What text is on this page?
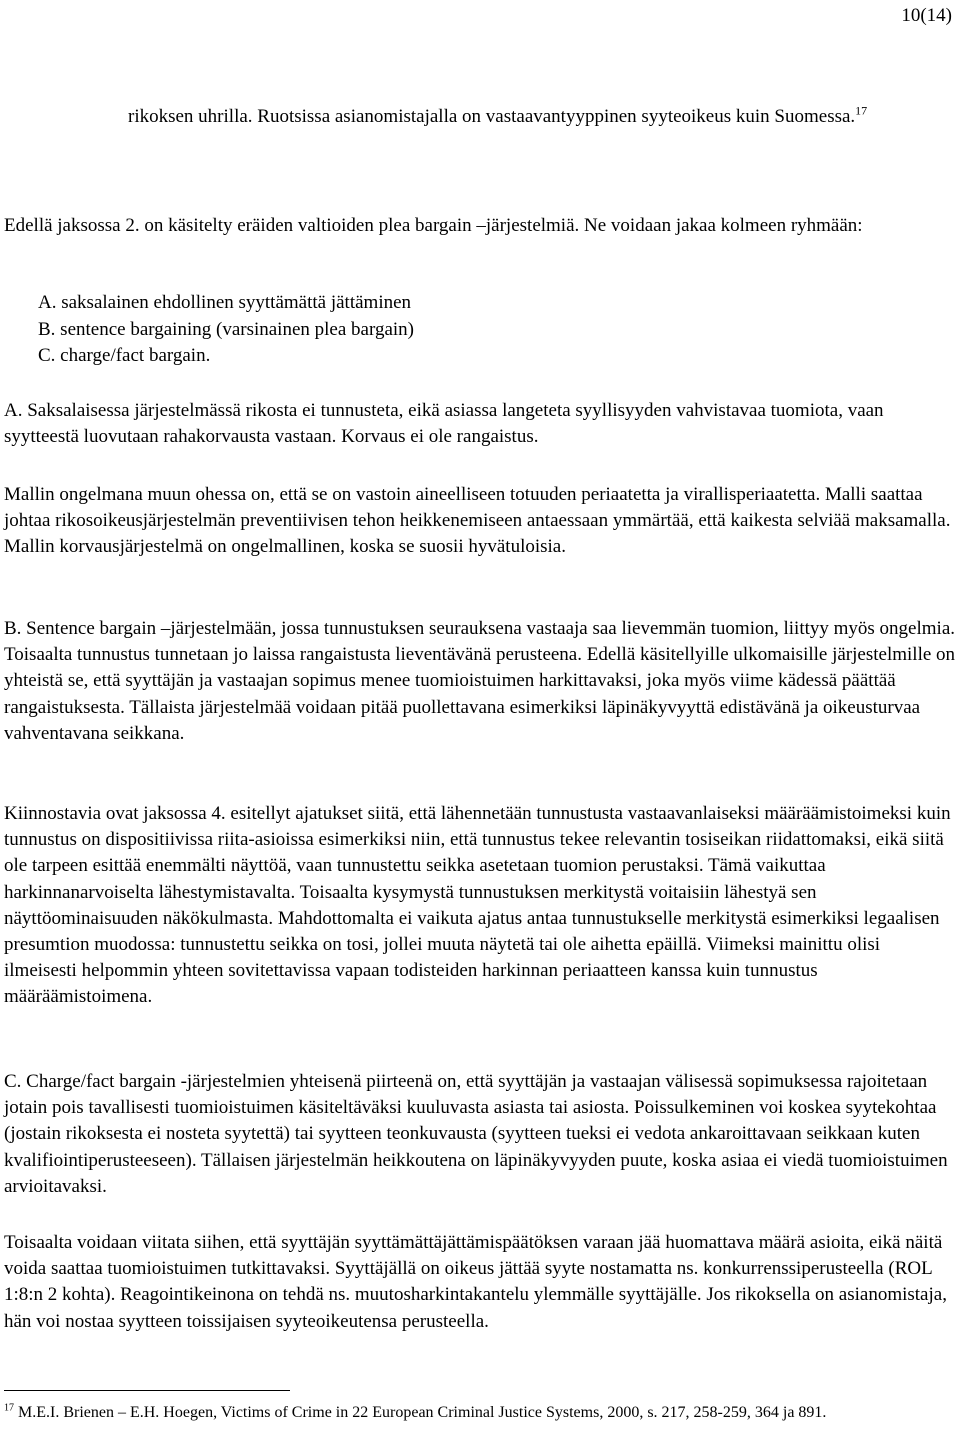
10(14)
rikoksen uhrilla. Ruotsissa asianomistajalla on vastaavantyyppinen syyteoikeus kuin Suomessa.$^{17}$
Edellä jaksossa 2. on käsitelty eräiden valtioiden plea bargain –järjestelmiä. Ne voidaan jakaa kolmeen ryhmään:
A. saksalainen ehdollinen syyttämättä jättäminen
B. sentence bargaining (varsinainen plea bargain)
C. charge/fact bargain.
A. Saksalaisessa järjestelmässä rikosta ei tunnusteta, eikä asiassa langeteta syyllisyyden vahvistavaa tuomiota, vaan syytteestä luovutaan rahakorvausta vastaan. Korvaus ei ole rangaistus.
Mallin ongelmana muun ohessa on, että se on vastoin aineelliseen totuuden periaatetta ja virallisperiaatetta. Malli saattaa johtaa rikosoikeusjärjestelmän preventiivisen tehon heikkenemiseen antaessaan ymmärtää, että kaikesta selviää maksamalla. Mallin korvausjärjestelmä on ongelmallinen, koska se suosii hyvätuloisia.
B. Sentence bargain –järjestelmään, jossa tunnustuksen seurauksena vastaaja saa lievemmän tuomion, liittyy myös ongelmia. Toisaalta tunnustus tunnetaan jo laissa rangaistusta lieventävänä perusteena. Edellä käsitellyille ulkomaisille järjestelmille on yhteistä se, että syyttäjän ja vastaajan sopimus menee tuomioistuimen harkittavaksi, joka myös viime kädessä päättää rangaistuksesta. Tällaista järjestelmää voidaan pitää puollettavana esimerkiksi läpinäkyvyyttä edistävänä ja oikeusturvaa vahventavana seikkana.
Kiinnostavia ovat jaksossa 4. esitellyt ajatukset siitä, että lähennetään tunnustusta vastaavanlaiseksi määräämistoimeksi kuin tunnustus on dispositiivissa riita-asioissa esimerkiksi niin, että tunnustus tekee relevantin tosiseikan riidattomaksi, eikä siitä ole tarpeen esittää enemmälti näyttöä, vaan tunnustettu seikka asetetaan tuomion perustaksi. Tämä vaikuttaa harkinnanarvoiselta lähestymistavalta. Toisaalta kysymystä tunnustuksen merkitystä voitaisiin lähestyä sen näyttöominaisuuden näkökulmasta. Mahdottomalta ei vaikuta ajatus antaa tunnustukselle merkitystä esimerkiksi legaalisen presumtion muodossa: tunnustettu seikka on tosi, jollei muuta näytetä tai ole aihetta epäillä. Viimeksi mainittu olisi ilmeisesti helpommin yhteen sovitettavissa vapaan todisteiden harkinnan periaatteen kanssa kuin tunnustus määräämistoimena.
C. Charge/fact bargain -järjestelmien yhteisenä piirteenä on, että syyttäjän ja vastaajan välisessä sopimuksessa rajoitetaan jotain pois tavallisesti tuomioistuimen käsiteltäväksi kuuluvasta asiasta tai asiosta. Poissulkeminen voi koskea syytekohtaa (jostain rikoksesta ei nosteta syytettä) tai syytteen teonkuvausta (syytteen tueksi ei vedota ankaroittavaan seikkaan kuten kvalifiointiperusteeseen). Tällaisen järjestelmän heikkoutena on läpinäkyvyyden puute, koska asiaa ei viedä tuomioistuimen arvioitavaksi.
Toisaalta voidaan viitata siihen, että syyttäjän syyttämättäjättämispäätöksen varaan jää huomattava määrä asioita, eikä näitä voida saattaa tuomioistuimen tutkittavaksi. Syyttäjällä on oikeus jättää syyte nostamatta ns. konkurrenssiperusteella (ROL 1:8:n 2 kohta). Reagointikeinona on tehdä ns. muutosharkintakantelu ylemmälle syyttäjälle. Jos rikoksella on asianomistaja, hän voi nostaa syytteen toissijaisen syyteoikeutensa perusteella.
$^{17}$ M.E.I. Brienen – E.H. Hoegen, Victims of Crime in 22 European Criminal Justice Systems, 2000, s. 217, 258-259, 364 ja 891.
